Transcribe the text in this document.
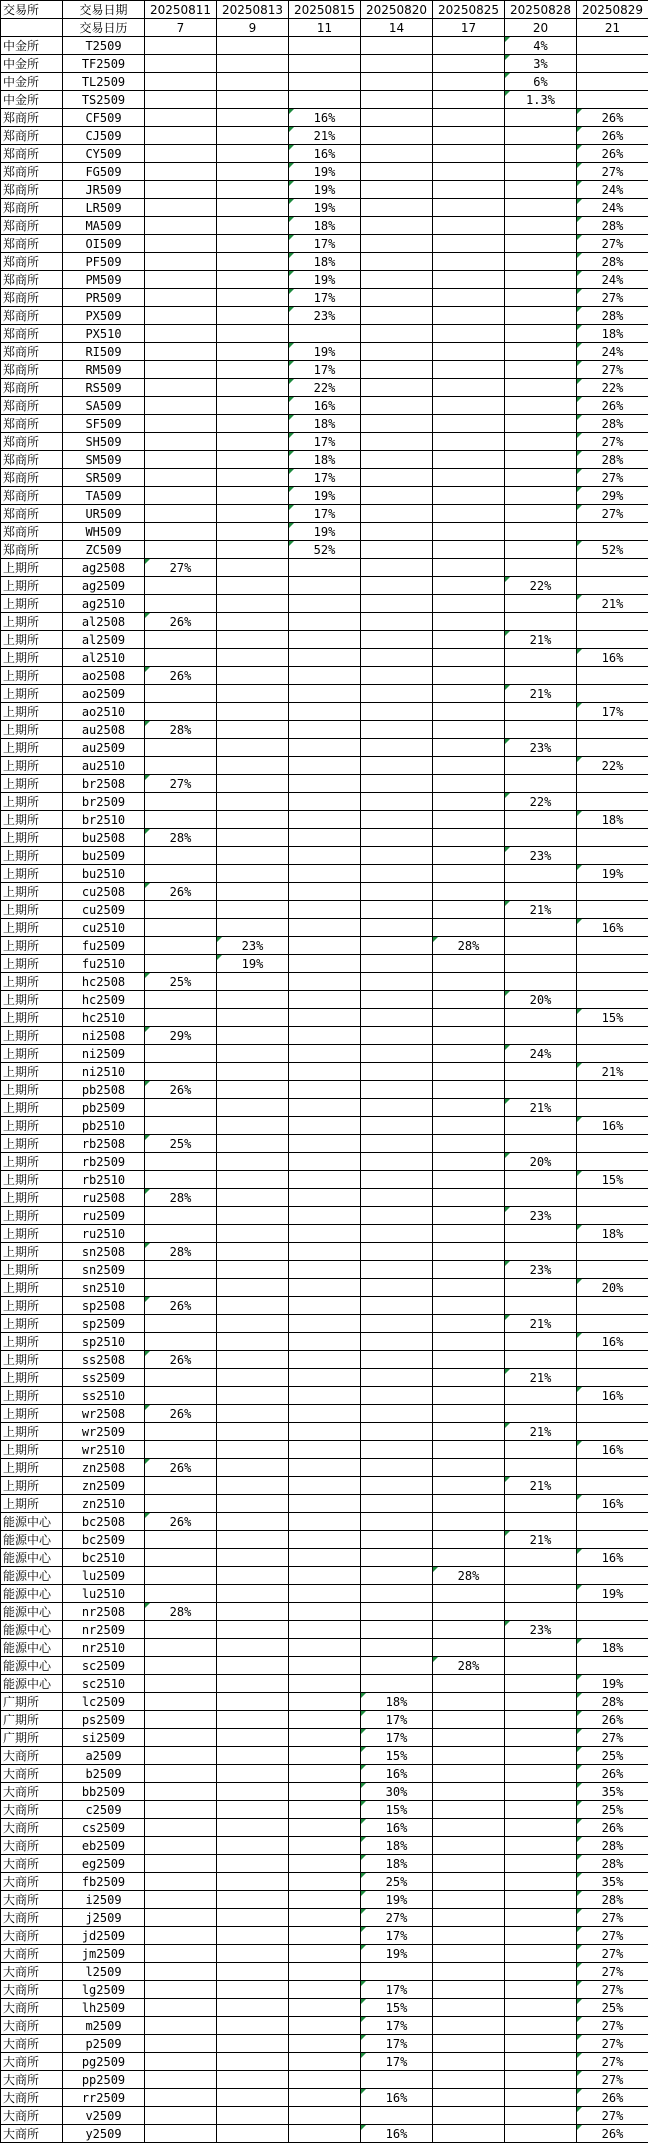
交易所	交易日期	20250811	20250813	20250815	20250820	20250825	20250828	20250829
	交易日历	7	9	11	14	17	20	21
中金所	T2509						4%	
中金所	TF2509						3%	
中金所	TL2509						6%	
中金所	TS2509						1.3%	
郑商所	CF509			16%				26%
郑商所	CJ509			21%				26%
郑商所	CY509			16%				26%
郑商所	FG509			19%				27%
郑商所	JR509			19%				24%
郑商所	LR509			19%				24%
郑商所	MA509			18%				28%
郑商所	OI509			17%				27%
郑商所	PF509			18%				28%
郑商所	PM509			19%				24%
郑商所	PR509			17%				27%
郑商所	PX509			23%				28%
郑商所	PX510							18%
郑商所	RI509			19%				24%
郑商所	RM509			17%				27%
郑商所	RS509			22%				22%
郑商所	SA509			16%				26%
郑商所	SF509			18%				28%
郑商所	SH509			17%				27%
郑商所	SM509			18%				28%
郑商所	SR509			17%				27%
郑商所	TA509			19%				29%
郑商所	UR509			17%				27%
郑商所	WH509			19%				
郑商所	ZC509			52%				52%
上期所	ag2508	27%						
上期所	ag2509						22%	
上期所	ag2510							21%
上期所	al2508	26%						
上期所	al2509						21%	
上期所	al2510							16%
上期所	ao2508	26%						
上期所	ao2509						21%	
上期所	ao2510							17%
上期所	au2508	28%						
上期所	au2509						23%	
上期所	au2510							22%
上期所	br2508	27%						
上期所	br2509						22%	
上期所	br2510							18%
上期所	bu2508	28%						
上期所	bu2509						23%	
上期所	bu2510							19%
上期所	cu2508	26%						
上期所	cu2509						21%	
上期所	cu2510							16%
上期所	fu2509		23%			28%		
上期所	fu2510		19%					
上期所	hc2508	25%						
上期所	hc2509						20%	
上期所	hc2510							15%
上期所	ni2508	29%						
上期所	ni2509						24%	
上期所	ni2510							21%
上期所	pb2508	26%						
上期所	pb2509						21%	
上期所	pb2510							16%
上期所	rb2508	25%						
上期所	rb2509						20%	
上期所	rb2510							15%
上期所	ru2508	28%						
上期所	ru2509						23%	
上期所	ru2510							18%
上期所	sn2508	28%						
上期所	sn2509						23%	
上期所	sn2510							20%
上期所	sp2508	26%						
上期所	sp2509						21%	
上期所	sp2510							16%
上期所	ss2508	26%						
上期所	ss2509						21%	
上期所	ss2510							16%
上期所	wr2508	26%						
上期所	wr2509						21%	
上期所	wr2510							16%
上期所	zn2508	26%						
上期所	zn2509						21%	
上期所	zn2510							16%
能源中心	bc2508	26%						
能源中心	bc2509						21%	
能源中心	bc2510							16%
能源中心	lu2509					28%		
能源中心	lu2510							19%
能源中心	nr2508	28%						
能源中心	nr2509						23%	
能源中心	nr2510							18%
能源中心	sc2509					28%		
能源中心	sc2510							19%
广期所	lc2509				18%			28%
广期所	ps2509				17%			26%
广期所	si2509				17%			27%
大商所	a2509				15%			25%
大商所	b2509				16%			26%
大商所	bb2509				30%			35%
大商所	c2509				15%			25%
大商所	cs2509				16%			26%
大商所	eb2509				18%			28%
大商所	eg2509				18%			28%
大商所	fb2509				25%			35%
大商所	i2509				19%			28%
大商所	j2509				27%			27%
大商所	jd2509				17%			27%
大商所	jm2509				19%			27%
大商所	l2509							27%
大商所	lg2509				17%			27%
大商所	lh2509				15%			25%
大商所	m2509				17%			27%
大商所	p2509				17%			27%
大商所	pg2509				17%			27%
大商所	pp2509							27%
大商所	rr2509				16%			26%
大商所	v2509							27%
大商所	y2509				16%			26%
